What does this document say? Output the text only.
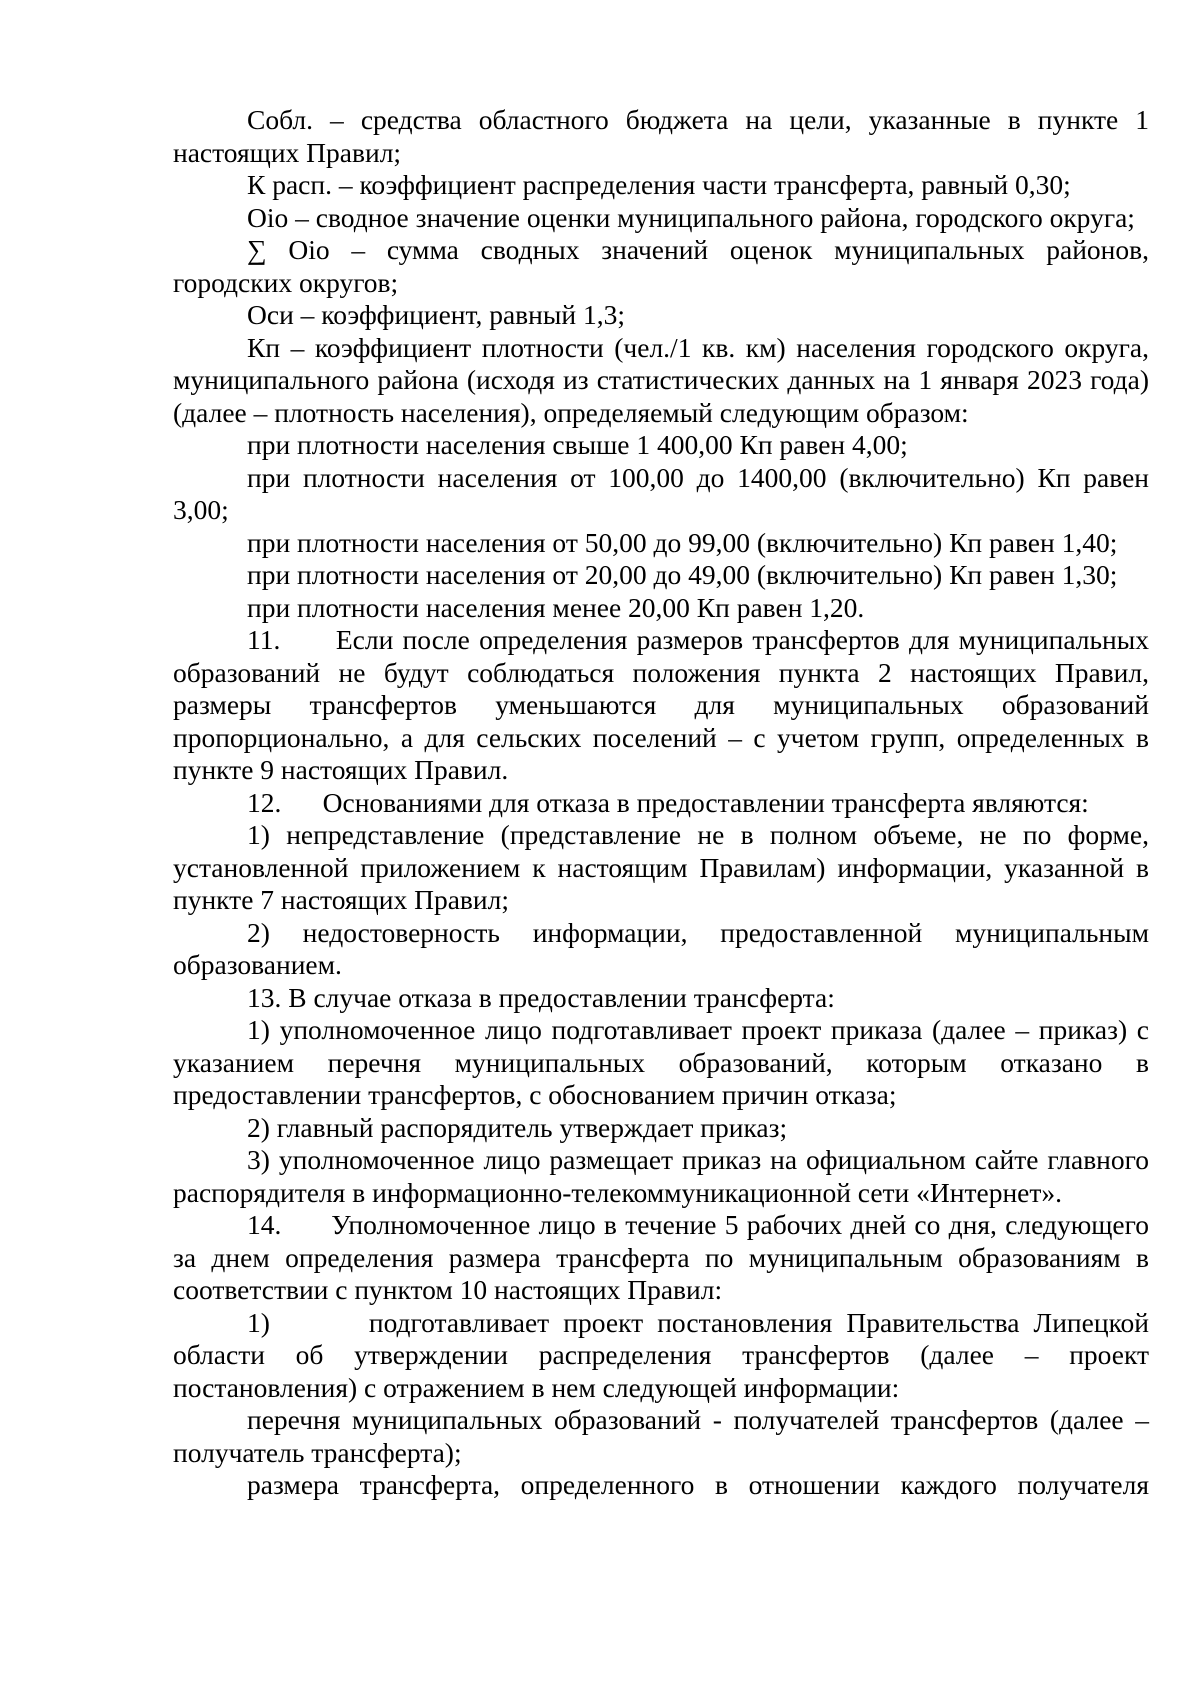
Собл. – средства областного бюджета на цели, указанные в пункте 1 настоящих Правил;

К расп. – коэффициент распределения части трансферта, равный 0,30;

Oio – сводное значение оценки муниципального района, городского округа;

∑ Oio – сумма сводных значений оценок муниципальных районов, городских округов;

Оси – коэффициент, равный 1,3;

Кп – коэффициент плотности (чел./1 кв. км) населения городского округа, муниципального района (исходя из статистических данных на 1 января 2023 года) (далее – плотность населения), определяемый следующим образом:

при плотности населения свыше 1 400,00 Кп равен 4,00;

при плотности населения от 100,00 до 1400,00 (включительно) Кп равен 3,00;

при плотности населения от 50,00 до 99,00 (включительно) Кп равен 1,40;

при плотности населения от 20,00 до 49,00 (включительно) Кп равен 1,30;

при плотности населения менее 20,00 Кп равен 1,20.

11.      Если после определения размеров трансфертов для муниципальных образований не будут соблюдаться положения пункта 2 настоящих Правил, размеры трансфертов уменьшаются для муниципальных образований пропорционально, а для сельских поселений – с учетом групп, определенных в пункте 9 настоящих Правил.

12.      Основаниями для отказа в предоставлении трансферта являются:

1) непредставление (представление не в полном объеме, не по форме, установленной приложением к настоящим Правилам) информации, указанной в пункте 7 настоящих Правил;

2) недостоверность информации, предоставленной муниципальным образованием.

13. В случае отказа в предоставлении трансферта:

1) уполномоченное лицо подготавливает проект приказа (далее – приказ) с указанием перечня муниципальных образований, которым отказано в предоставлении трансфертов, с обоснованием причин отказа;

2) главный распорядитель утверждает приказ;

3) уполномоченное лицо размещает приказ на официальном сайте главного распорядителя в информационно-телекоммуникационной сети «Интернет».

14.      Уполномоченное лицо в течение 5 рабочих дней со дня, следующего за днем определения размера трансферта по муниципальным образованиям в соответствии с пунктом 10 настоящих Правил:

1)       подготавливает проект постановления Правительства Липецкой области об утверждении распределения трансфертов (далее – проект постановления) с отражением в нем следующей информации:

перечня муниципальных образований - получателей трансфертов (далее – получатель трансферта);

размера трансферта, определенного в отношении каждого получателя
